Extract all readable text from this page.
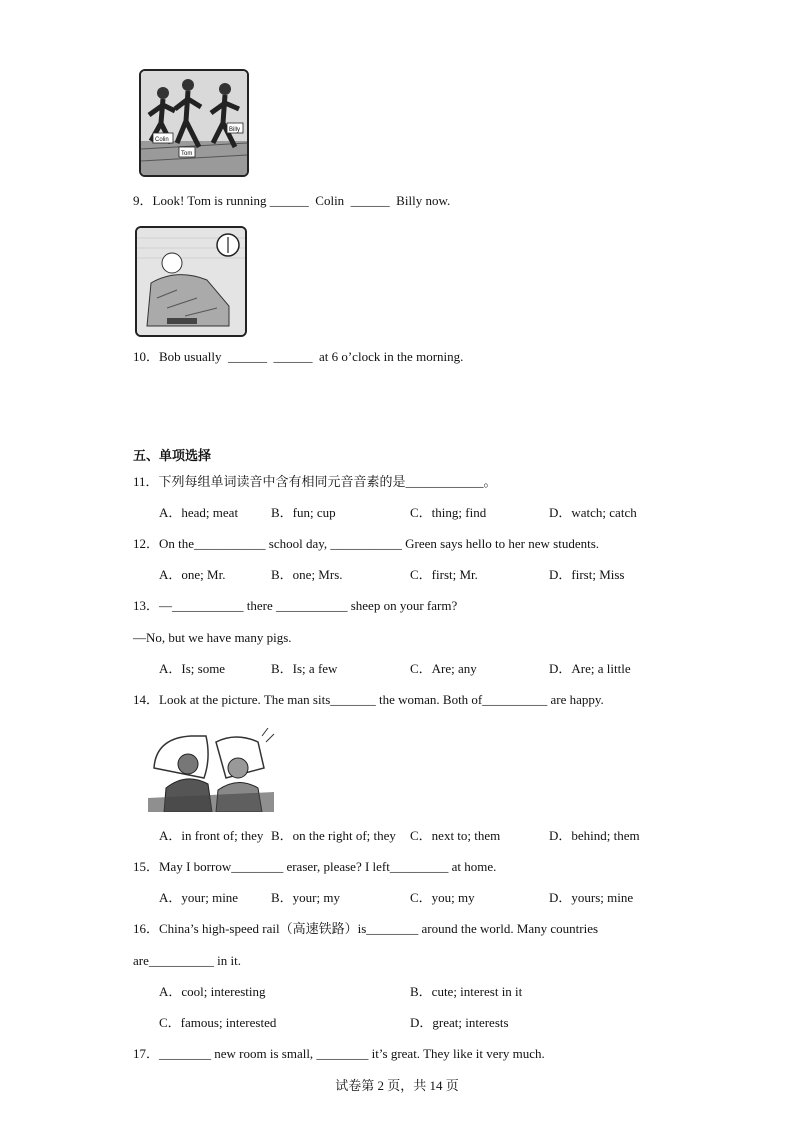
Colin
Tom
Billy
9．Look! Tom is running ______  Colin  ______  Billy now.
10．Bob usually  ______  ______  at 6 o’clock in the morning.
五、单项选择
11．下列每组单词读音中含有相同元音音素的是____________。
A．head; meat	B．fun; cup	C．thing; find	D．watch; catch
12．On the___________ school day, ___________ Green says hello to her new students.
A．one; Mr.	B．one; Mrs.	C．first; Mr.	D．first; Miss
13．—___________ there ___________ sheep on your farm?
—No, but we have many pigs.
A．Is; some	B．Is; a few	C．Are; any	D．Are; a little
14．Look at the picture. The man sits_______ the woman. Both of__________ are happy.
A．in front of; they B．on the right of; they C．next to; them	D．behind; them
15．May I borrow________ eraser, please? I left_________ at home.
A．your; mine	B．your; my	C．you; my	D．yours; mine
16．China’s high-speed rail（高速铁路）is________ around the world. Many countries
are__________ in it.
A．cool; interesting	B．cute; interest in it
C．famous; interested	D．great; interests
17．________ new room is small, ________ it’s great. They like it very much.
试卷第 2 页，共 14 页
